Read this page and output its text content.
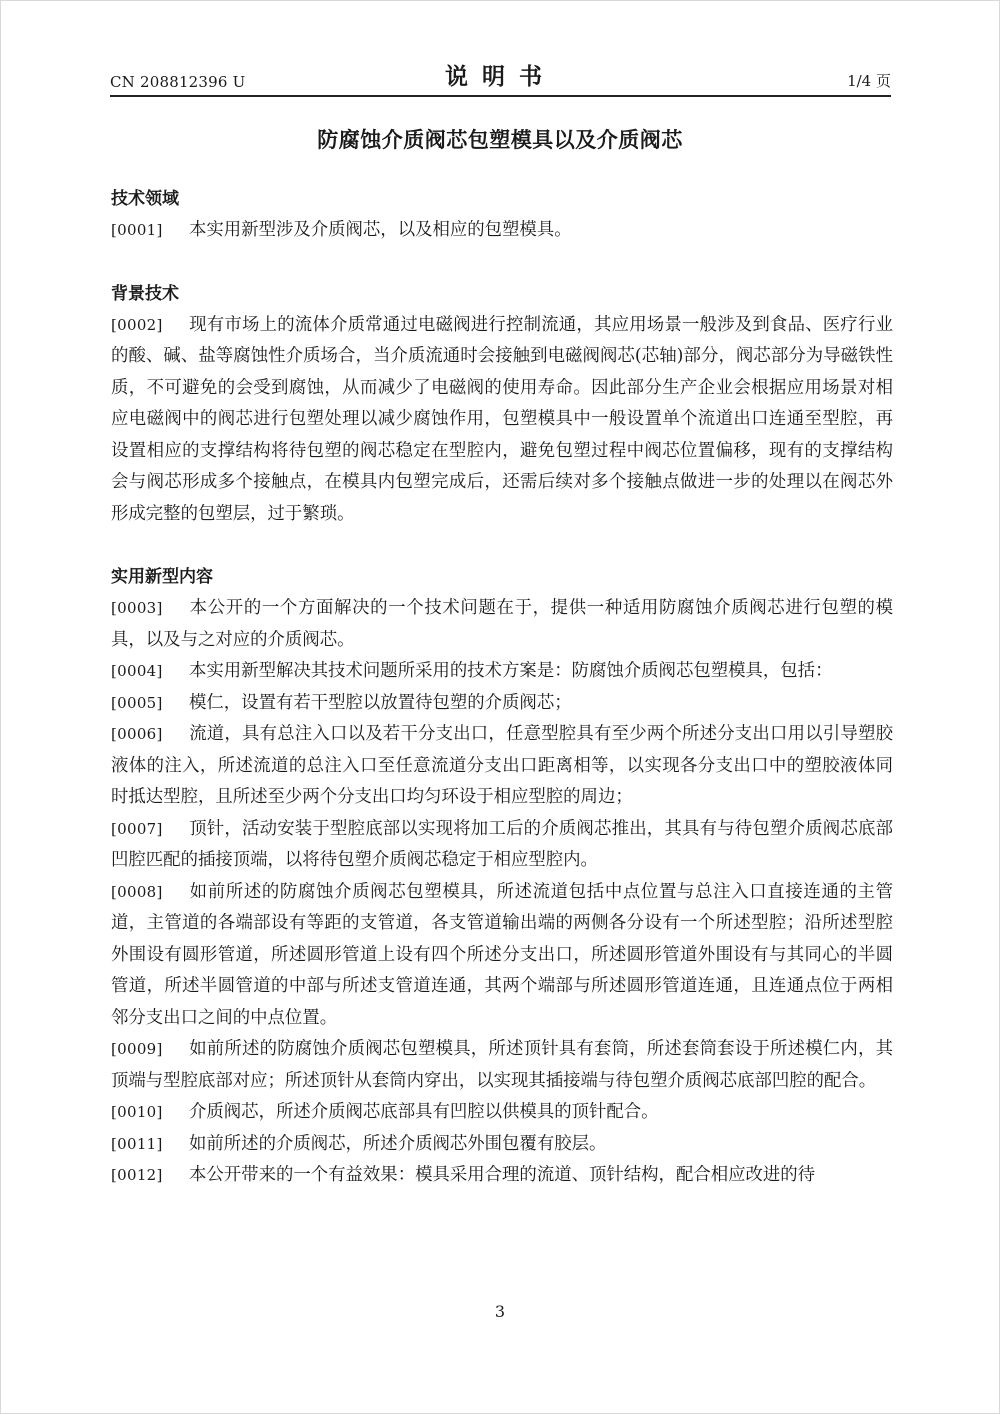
CN 208812396 U	说明书	1/4 页
防腐蚀介质阀芯包塑模具以及介质阀芯
技术领域

[0001] 本实用新型涉及介质阀芯，以及相应的包塑模具。

背景技术

[0002] 现有市场上的流体介质常通过电磁阀进行控制流通，其应用场景一般涉及到食品、医疗行业的酸、碱、盐等腐蚀性介质场合，当介质流通时会接触到电磁阀阀芯(芯轴)部分，阀芯部分为导磁铁性质，不可避免的会受到腐蚀，从而减少了电磁阀的使用寿命。因此部分生产企业会根据应用场景对相应电磁阀中的阀芯进行包塑处理以减少腐蚀作用，包塑模具中一般设置单个流道出口连通至型腔，再设置相应的支撑结构将待包塑的阀芯稳定在型腔内，避免包塑过程中阀芯位置偏移，现有的支撑结构会与阀芯形成多个接触点，在模具内包塑完成后，还需后续对多个接触点做进一步的处理以在阀芯外形成完整的包塑层，过于繁琐。

实用新型内容

[0003] 本公开的一个方面解决的一个技术问题在于，提供一种适用防腐蚀介质阀芯进行包塑的模具，以及与之对应的介质阀芯。

[0004] 本实用新型解决其技术问题所采用的技术方案是：防腐蚀介质阀芯包塑模具，包括：

[0005] 模仁，设置有若干型腔以放置待包塑的介质阀芯；

[0006] 流道，具有总注入口以及若干分支出口，任意型腔具有至少两个所述分支出口用以引导塑胶液体的注入，所述流道的总注入口至任意流道分支出口距离相等，以实现各分支出口中的塑胶液体同时抵达型腔，且所述至少两个分支出口均匀环设于相应型腔的周边；

[0007] 顶针，活动安装于型腔底部以实现将加工后的介质阀芯推出，其具有与待包塑介质阀芯底部凹腔匹配的插接顶端，以将待包塑介质阀芯稳定于相应型腔内。

[0008] 如前所述的防腐蚀介质阀芯包塑模具，所述流道包括中点位置与总注入口直接连通的主管道，主管道的各端部设有等距的支管道，各支管道输出端的两侧各分设有一个所述型腔；沿所述型腔外围设有圆形管道，所述圆形管道上设有四个所述分支出口，所述圆形管道外围设有与其同心的半圆管道，所述半圆管道的中部与所述支管道连通，其两个端部与所述圆形管道连通，且连通点位于两相邻分支出口之间的中点位置。

[0009] 如前所述的防腐蚀介质阀芯包塑模具，所述顶针具有套筒，所述套筒套设于所述模仁内，其顶端与型腔底部对应；所述顶针从套筒内穿出，以实现其插接端与待包塑介质阀芯底部凹腔的配合。

[0010] 介质阀芯，所述介质阀芯底部具有凹腔以供模具的顶针配合。

[0011] 如前所述的介质阀芯，所述介质阀芯外围包覆有胶层。

[0012] 本公开带来的一个有益效果：模具采用合理的流道、顶针结构，配合相应改进的待

3
